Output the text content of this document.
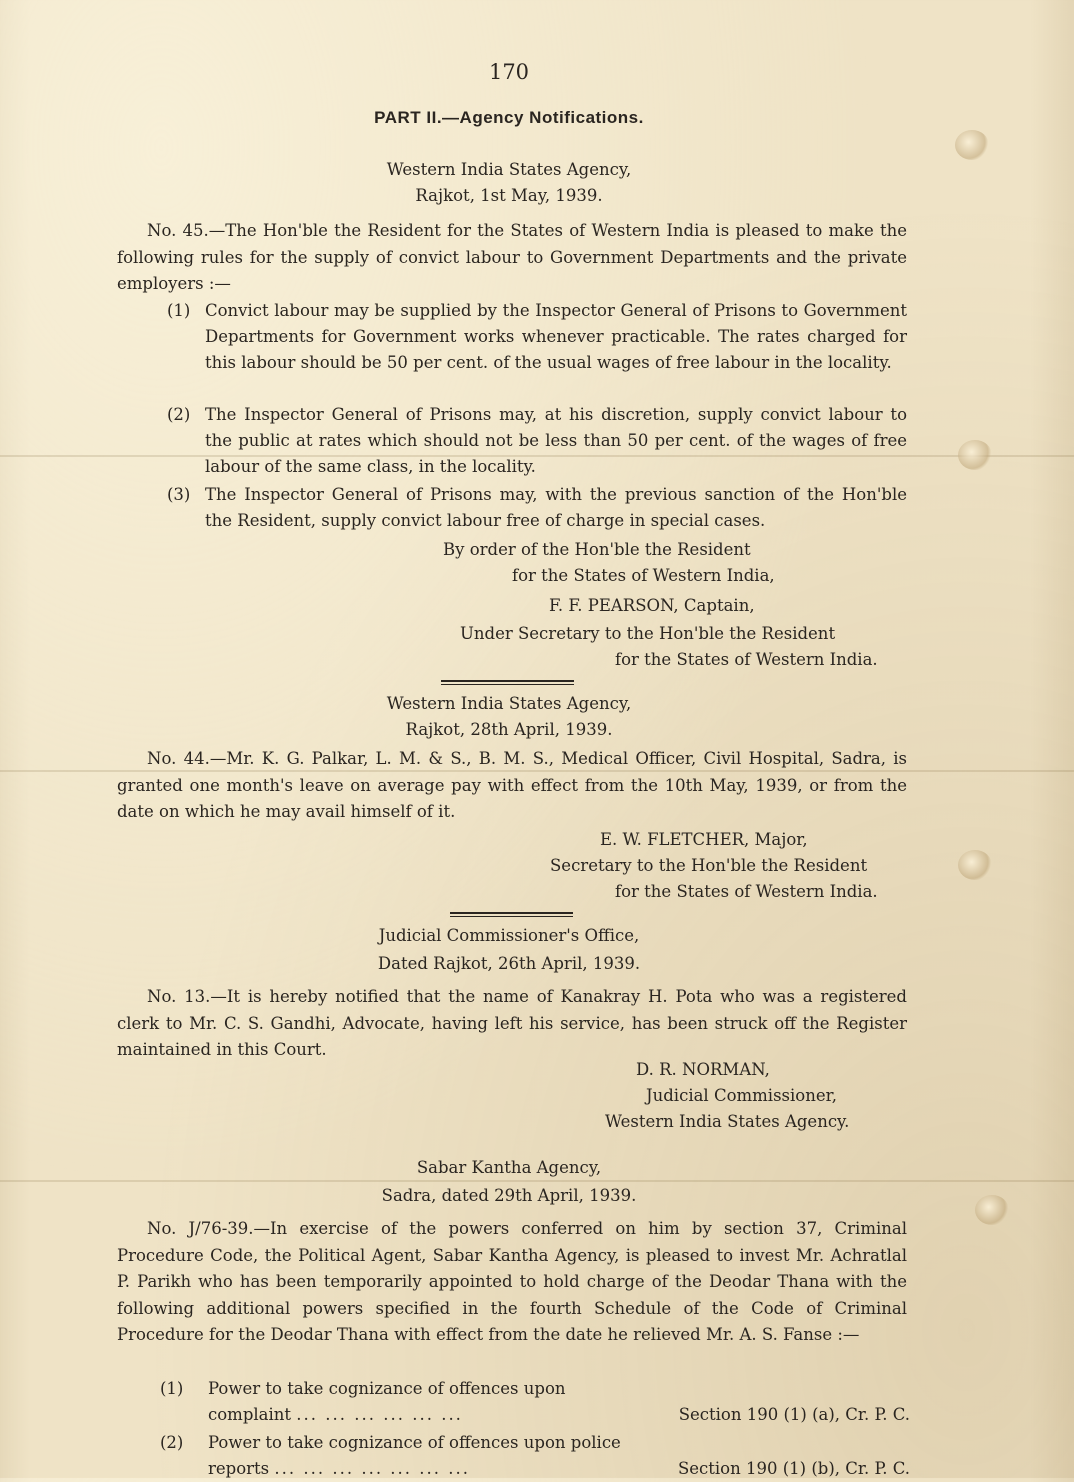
170
PART II.—Agency Notifications.
Western India States Agency,
Rajkot, 1st May, 1939.

No. 45.—The Hon'ble the Resident for the States of Western India is pleased to make the following rules for the supply of convict labour to Government Departments and the private employers :—

(1) Convict labour may be supplied by the Inspector General of Prisons to Government Departments for Government works whenever practicable. The rates charged for this labour should be 50 per cent. of the usual wages of free labour in the locality.
(2) The Inspector General of Prisons may, at his discretion, supply convict labour to the public at rates which should not be less than 50 per cent. of the wages of free labour of the same class, in the locality.
(3) The Inspector General of Prisons may, with the previous sanction of the Hon'ble the Resident, supply convict labour free of charge in special cases.
By order of the Hon'ble the Resident
for the States of Western India,
F. F. PEARSON, Captain,
Under Secretary to the Hon'ble the Resident
for the States of Western India.
Western India States Agency,
Rajkot, 28th April, 1939.

No. 44.—Mr. K. G. Palkar, L. M. & S., B. M. S., Medical Officer, Civil Hospital, Sadra, is granted one month's leave on average pay with effect from the 10th May, 1939, or from the date on which he may avail himself of it.

E. W. FLETCHER, Major,
Secretary to the Hon'ble the Resident
for the States of Western India.
Judicial Commissioner's Office,
Dated Rajkot, 26th April, 1939.

No. 13.—It is hereby notified that the name of Kanakray H. Pota who was a registered clerk to Mr. C. S. Gandhi, Advocate, having left his service, has been struck off the Register maintained in this Court.

D. R. NORMAN,
Judicial Commissioner,
Western India States Agency.
Sabar Kantha Agency,
Sadra, dated 29th April, 1939.

No. J/76-39.—In exercise of the powers conferred on him by section 37, Criminal Procedure Code, the Political Agent, Sabar Kantha Agency, is pleased to invest Mr. Achratlal P. Parikh who has been temporarily appointed to hold charge of the Deodar Thana with the following additional powers specified in the fourth Schedule of the Code of Criminal Procedure for the Deodar Thana with effect from the date he relieved Mr. A. S. Fanse :—

(1) Power to take cognizance of offences upon
complaint ... ... ... ... ... ...	Section 190 (1) (a), Cr. P. C.
(2) Power to take cognizance of offences upon police
reports ... ... ... ... ... ... ...	Section 190 (1) (b), Cr. P. C.
